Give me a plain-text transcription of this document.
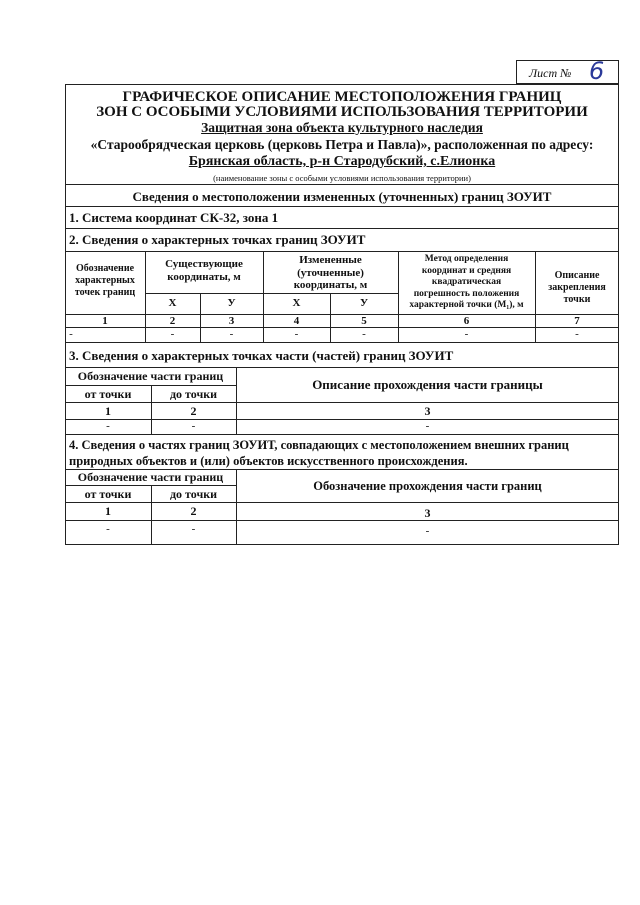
Лист № 6
ГРАФИЧЕСКОЕ ОПИСАНИЕ МЕСТОПОЛОЖЕНИЯ ГРАНИЦ
ЗОН С ОСОБЫМИ УСЛОВИЯМИ ИСПОЛЬЗОВАНИЯ ТЕРРИТОРИИ
Защитная зона объекта культурного наследия
«Старообрядческая церковь (церковь Петра и Павла)», расположенная по адресу:
Брянская область, р-н Стародубский, с.Елионка
(наименование зоны с особыми условиями использования территории)
Сведения о местоположении измененных (уточненных) границ ЗОУИТ
1. Система координат СК-32, зона 1
2. Сведения о характерных точках границ ЗОУИТ
Обозначение
характерных
точек границ
Существующие
координаты, м
Измененные
(уточненные)
координаты, м
Метод определения
координат и средняя
квадратическая
погрешность положения
характерной точки (M₁), м
Описание
закрепления
точки
Х	У	Х	У
1	2	3	4	5	6	7
-	-	-	-	-	-	-
3. Сведения о характерных точках части (частей) границ ЗОУИТ
Обозначение части границ
от точки	до точки
Описание прохождения части границы
1	2	3
-	-	-
4. Сведения о частях границ ЗОУИТ, совпадающих с местоположением внешних границ
природных объектов и (или) объектов искусственного происхождения.
Обозначение части границ
от точки	до точки
Обозначение прохождения части границ
1	2	3
-	-	-
